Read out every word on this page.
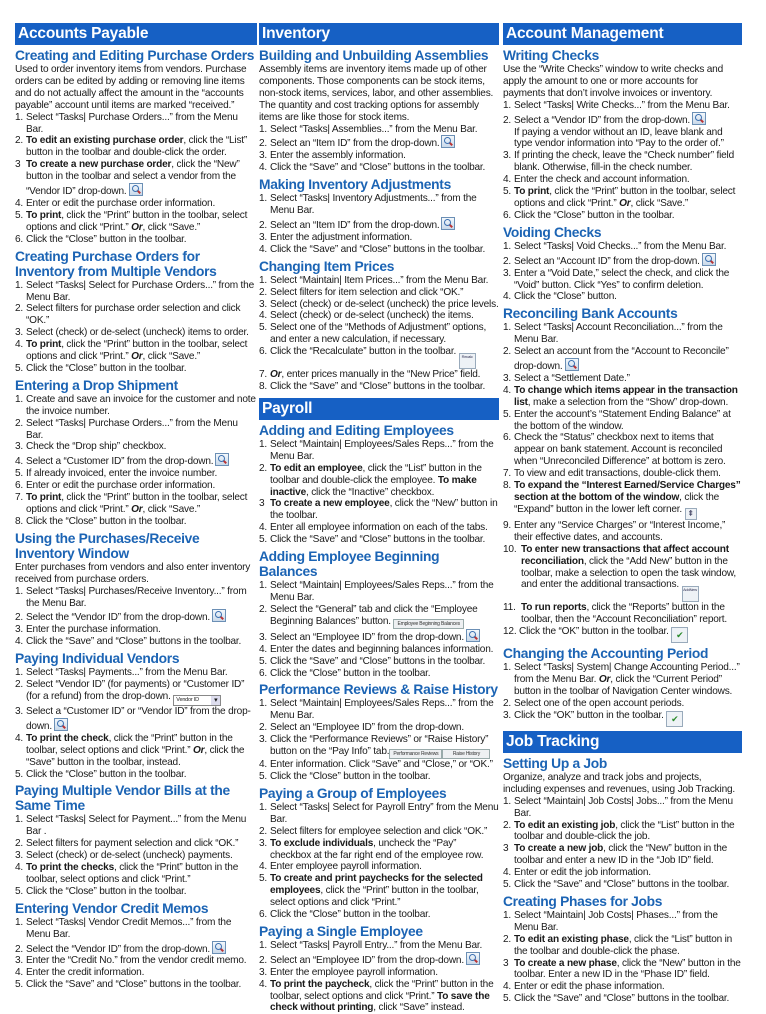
Accounts Payable
Creating and Editing Purchase Orders
Used to order inventory items from vendors. Purchase orders can be edited by adding or removing line items and do not actually affect the amount in the “accounts payable” account until items are marked “received.”
1. Select “Tasks| Purchase Orders...” from the Menu Bar.
2. To edit an existing purchase order, click the “List” button in the toolbar and double-click the order.
3 To create a new purchase order, click the “New” button in the toolbar and select a vendor from the “Vendor ID” drop-down.
4. Enter or edit the purchase order information.
5. To print, click the “Print” button in the toolbar, select options and click “Print.” Or, click “Save.”
6. Click the “Close” button in the toolbar.
Creating Purchase Orders for Inventory from Multiple Vendors
1. Select “Tasks| Select for Purchase Orders...” from the Menu Bar.
2. Select filters for purchase order selection and click “OK.”
3. Select (check) or de-select (uncheck) items to order.
4. To print, click the “Print” button in the toolbar, select options and click “Print.” Or, click “Save.”
5. Click the “Close” button in the toolbar.
Entering a Drop Shipment
1. Create and save an invoice for the customer and note the invoice number.
2. Select “Tasks| Purchase Orders...” from the Menu Bar.
3. Check the “Drop ship” checkbox.
4. Select a “Customer ID” from the drop-down.
5. If already invoiced, enter the invoice number.
6. Enter or edit the purchase order information.
7. To print, click the “Print” button in the toolbar, select options and click “Print.” Or, click “Save.”
8. Click the “Close” button in the toolbar.
Using the Purchases/Receive Inventory Window
Enter purchases from vendors and also enter inventory received from purchase orders.
1. Select “Tasks| Purchases/Receive Inventory...” from the Menu Bar.
2. Select the “Vendor ID” from the drop-down.
3. Enter the purchase information.
4. Click the “Save” and “Close” buttons in the toolbar.
Paying Individual Vendors
1. Select “Tasks| Payments...” from the Menu Bar.
2. Select “Vendor ID” (for payments) or “Customer ID” (for a refund) from the drop-down. Vendor ID ▾
3. Select a “Customer ID” or “Vendor ID” from the drop-down.
4. To print the check, click the “Print” button in the toolbar, select options and click “Print.” Or, click the “Save” button in the toolbar, instead.
5. Click the “Close” button in the toolbar.
Paying Multiple Vendor Bills at the Same Time
1. Select “Tasks| Select for Payment...” from the Menu Bar .
2. Select filters for payment selection and click “OK.”
3. Select (check) or de-select (uncheck) payments.
4. To print the checks, click the “Print” button in the toolbar, select options and click “Print.”
5. Click the “Close” button in the toolbar.
Entering Vendor Credit Memos
1. Select “Tasks| Vendor Credit Memos...” from the Menu Bar.
2. Select the “Vendor ID” from the drop-down.
3. Enter the “Credit No.” from the vendor credit memo.
4. Enter the credit information.
5. Click the “Save” and “Close” buttons in the toolbar.
Inventory
Building and Unbuilding Assemblies
Assembly items are inventory items made up of other components. Those components can be stock items, non-stock items, services, labor, and other assemblies. The quantity and cost tracking options for assembly items are like those for stock items.
1. Select “Tasks| Assemblies...” from the Menu Bar.
2. Select an “Item ID” from the drop-down.
3. Enter the assembly information.
4. Click the “Save” and “Close” buttons in the toolbar.
Making Inventory Adjustments
1. Select “Tasks| Inventory Adjustments...” from the Menu Bar.
2. Select an “Item ID” from the drop-down.
3. Enter the adjustment information.
4. Click the “Save” and “Close” buttons in the toolbar.
Changing Item Prices
1. Select “Maintain| Item Prices...” from the Menu Bar.
2. Select filters for item selection and click “OK.”
3. Select (check) or de-select (uncheck) the price levels.
4. Select (check) or de-select (uncheck) the items.
5. Select one of the “Methods of Adjustment” options, and enter a new calculation, if necessary.
6. Click the “Recalculate” button in the toolbar. Recalc
7. Or, enter prices manually in the “New Price” field.
8. Click the “Save” and “Close” buttons in the toolbar.
Payroll
Adding and Editing Employees
1. Select “Maintain| Employees/Sales Reps...” from the Menu Bar.
2. To edit an employee, click the “List” button in the toolbar and double-click the employee. To make inactive, click the “Inactive” checkbox.
3 To create a new employee, click the “New” button in the toolbar.
4. Enter all employee information on each of the tabs.
5. Click the “Save” and “Close” buttons in the toolbar.
Adding Employee Beginning Balances
1. Select “Maintain| Employees/Sales Reps...” from the Menu Bar.
2. Select the “General” tab and click the “Employee Beginning Balances” button. Employee Beginning Balances
3. Select an “Employee ID” from the drop-down.
4. Enter the dates and beginning balances information.
5. Click the “Save” and “Close” buttons in the toolbar.
6. Click the “Close” button in the toolbar.
Performance Reviews & Raise History
1. Select “Maintain| Employees/Sales Reps...” from the Menu Bar.
2. Select an “Employee ID” from the drop-down.
3. Click the “Performance Reviews” or “Raise History” button on the “Pay Info” tab. Performance Reviews	Raise History
4. Enter information. Click “Save” and “Close,” or “OK.”
5. Click the “Close” button in the toolbar.
Paying a Group of Employees
1. Select “Tasks| Select for Payroll Entry” from the Menu Bar.
2. Select filters for employee selection and click “OK.”
3. To exclude individuals, uncheck the “Pay” checkbox at the far right end of the employee row.
4. Enter employee payroll information.
5. To create and print paychecks for the selected employees, click the “Print” button in the toolbar, select options and click “Print.”
6. Click the “Close” button in the toolbar.
Paying a Single Employee
1. Select “Tasks| Payroll Entry...” from the Menu Bar.
2. Select an “Employee ID” from the drop-down.
3. Enter the employee payroll information.
4. To print the paycheck, click the “Print” button in the toolbar, select options and click “Print.” To save the check without printing, click “Save” instead.
Account Management
Writing Checks
Use the “Write Checks” window to write checks and apply the amount to one or more accounts for payments that don’t involve invoices or inventory.
1. Select “Tasks| Write Checks...” from the Menu Bar.
2. Select a “Vendor ID” from the drop-down.
If paying a vendor without an ID, leave blank and type vendor information into “Pay to the order of.”
3. If printing the check, leave the “Check number” field blank. Otherwise, fill-in the check number.
4. Enter the check and account information.
5. To print, click the “Print” button in the toolbar, select options and click “Print.” Or, click “Save.”
6. Click the “Close” button in the toolbar.
Voiding Checks
1. Select “Tasks| Void Checks...” from the Menu Bar.
2. Select an “Account ID” from the drop-down.
3. Enter a “Void Date,” select the check, and click the “Void” button. Click “Yes” to confirm deletion.
4. Click the “Close” button.
Reconciling Bank Accounts
1. Select “Tasks| Account Reconciliation...” from the Menu Bar.
2. Select an account from the “Account to Reconcile” drop-down.
3. Select a “Settlement Date.”
4. To change which items appear in the transaction list, make a selection from the “Show” drop-down.
5. Enter the account’s “Statement Ending Balance” at the bottom of the window.
6. Check the “Status” checkbox next to items that appear on bank statement. Account is reconciled when “Unreconciled Difference” at bottom is zero.
7. To view and edit transactions, double-click them.
8. To expand the “Interest Earned/Service Charges” section at the bottom of the window, click the “Expand” button in the lower left corner. ⇞
9. Enter any “Service Charges” or “Interest Income,” their effective dates, and accounts.
10. To enter new transactions that affect account reconciliation, click the “Add New” button in the toolbar, make a selection to open the task window, and enter the additional transactions. AddNew
11. To run reports, click the “Reports” button in the toolbar, then the “Account Reconciliation” report.
12. Click the “OK” button in the toolbar. ✔
Changing the Accounting Period
1. Select “Tasks| System| Change Accounting Period...” from the Menu Bar. Or, click the “Current Period” button in the toolbar of Navigation Center windows.
2. Select one of the open account periods.
3. Click the “OK” button in the toolbar. ✔
Job Tracking
Setting Up a Job
Organize, analyze and track jobs and projects, including expenses and revenues, using Job Tracking.
1. Select “Maintain| Job Costs| Jobs...” from the Menu Bar.
2. To edit an existing job, click the “List” button in the toolbar and double-click the job.
3 To create a new job, click the “New” button in the toolbar and enter a new ID in the “Job ID” field.
4. Enter or edit the job information.
5. Click the “Save” and “Close” buttons in the toolbar.
Creating Phases for Jobs
1. Select “Maintain| Job Costs| Phases...” from the Menu Bar.
2. To edit an existing phase, click the “List” button in the toolbar and double-click the phase.
3 To create a new phase, click the “New” button in the toolbar. Enter a new ID in the “Phase ID” field.
4. Enter or edit the phase information.
5. Click the “Save” and “Close” buttons in the toolbar.
